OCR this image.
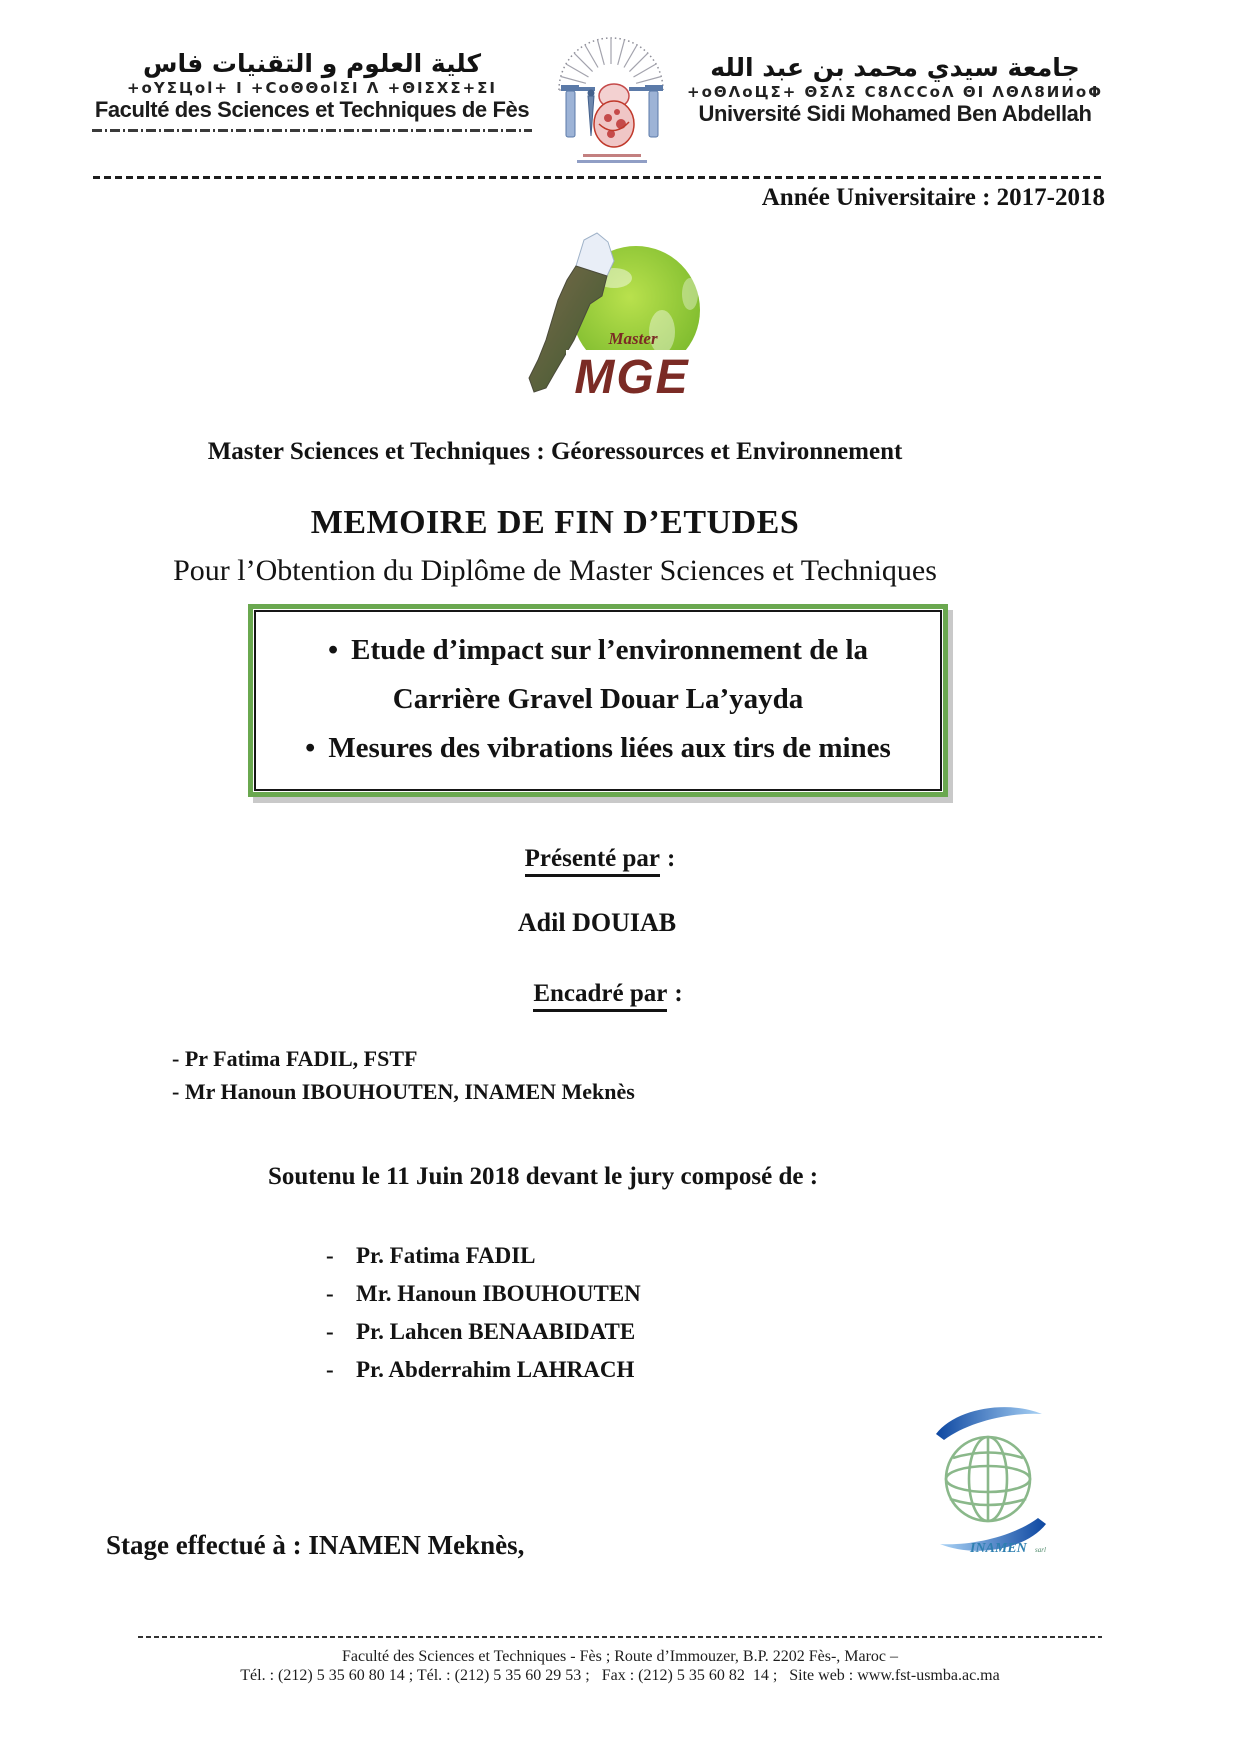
كلية العلوم و التقنيات فاس
+oYΣЦol+ I +CoΘΘolΣI Λ +ΘIΣXΣ+ΣI
Faculté des Sciences et Techniques de Fès
جامعة سيدي محمد بن عبد الله
+oΘΛoЦΣ+ ΘΣΛΣ C8ΛCCoΛ ΘI ΛΘΛ8ИИoΦ
Université Sidi Mohamed Ben Abdellah
Année Universitaire : 2017-2018
Master
MGE
Master Sciences et Techniques : Géoressources et Environnement
MEMOIRE DE FIN D’ETUDES
Pour l’Obtention du Diplôme de Master Sciences et Techniques
• Etude d’impact sur l’environnement de la
Carrière Gravel Douar La’yayda
• Mesures des vibrations liées aux tirs de mines
Présenté par :
Adil DOUIAB
Encadré par :
- Pr Fatima FADIL, FSTF
- Mr Hanoun IBOUHOUTEN, INAMEN Meknès
Soutenu le 11 Juin 2018 devant le jury composé de :
- Pr. Fatima FADIL
- Mr. Hanoun IBOUHOUTEN
- Pr. Lahcen BENAABIDATE
- Pr. Abderrahim LAHRACH
INAMEN sarl
Stage effectué à : INAMEN Meknès,
Faculté des Sciences et Techniques - Fès ; Route d’Immouzer, B.P. 2202 Fès-, Maroc –
Tél. : (212) 5 35 60 80 14 ; Tél. : (212) 5 35 60 29 53 ;   Fax : (212) 5 35 60 82  14 ;   Site web : www.fst-usmba.ac.ma
